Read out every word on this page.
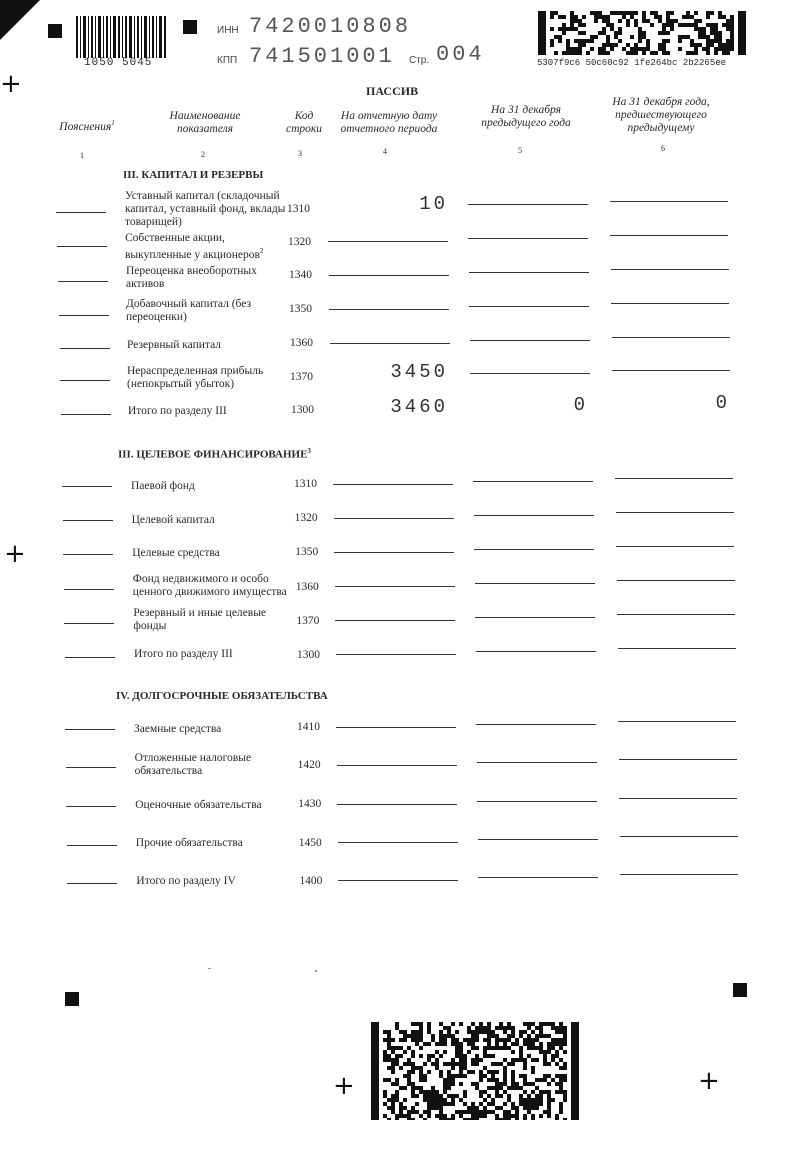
+
+
+	+
1050 5045
ИНН 7420010808
КПП 741501001 Стр. 004	5307f9c6 50c60c92 1fe264bc 2b2265ee
ПАССИВ
Пояснения$^1$
Наименование показателя
Код строки
На отчетную дату отчетного периода
На 31 декабря предыдущего года
На 31 декабря года, предшествующего предыдущему
1	2	3	4	5	6
III. КАПИТАЛ И РЕЗЕРВЫ
Уставный капитал (складочный капитал, уставный фонд, вклады товарищей)
1310	10
Собственные акции, выкупленные у акционеров$^2$
1320
Переоценка внеоборотных активов
1340
Добавочный капитал (без переоценки)
1350
Резервный капитал	1360
Нераспределенная прибыль (непокрытый убыток)
1370	3450
Итого по разделу III	1300	3460	0	0
III. ЦЕЛЕВОЕ ФИНАНСИРОВАНИЕ$^3$
Паевой фонд	1310
Целевой капитал	1320
Целевые средства	1350
Фонд недвижимого и особо ценного движимого имущества 1360
Резервный и иные целевые фонды	1370
Итого по разделу III	1300
IV. ДОЛГОСРОЧНЫЕ ОБЯЗАТЕЛЬСТВА
Заемные средства	1410
Отложенные налоговые обязательства	1420
Оценочные обязательства	1430
Прочие обязательства	1450
Итого по разделу IV	1400
